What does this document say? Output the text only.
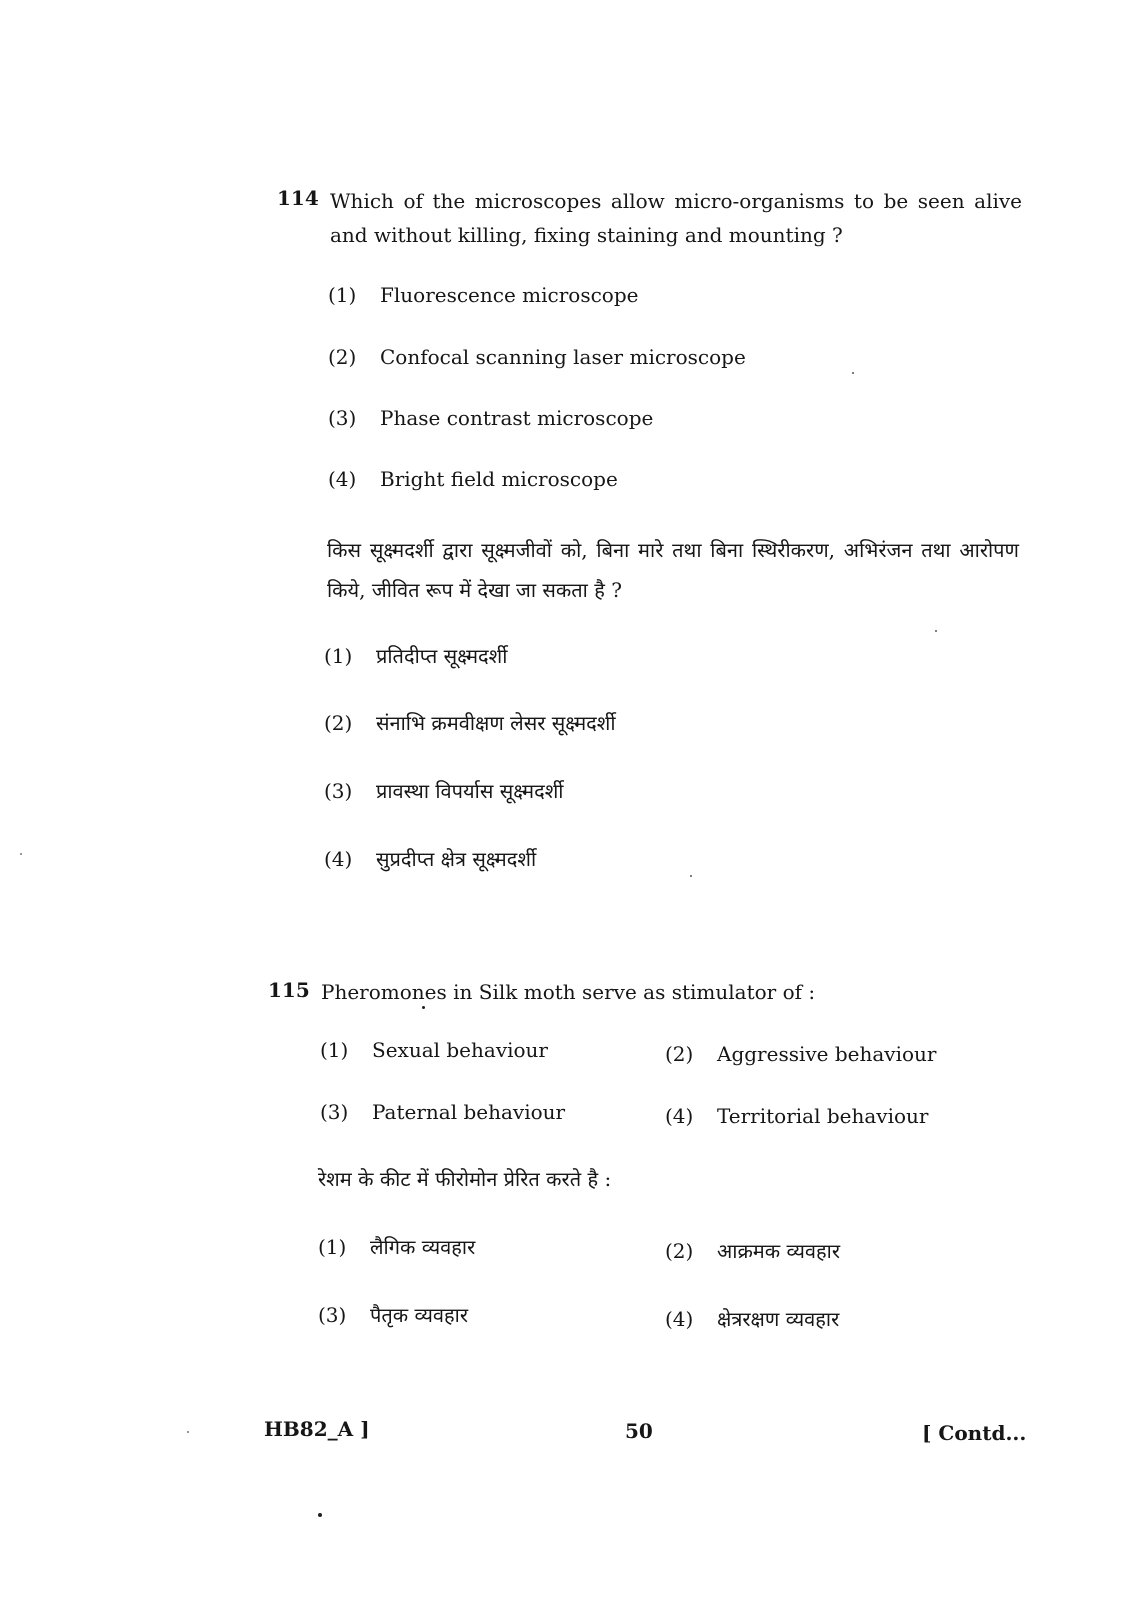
114 Which of the microscopes allow micro-organisms to be seen alive and without killing, fixing staining and mounting ?
(1) Fluorescence microscope
(2) Confocal scanning laser microscope
(3) Phase contrast microscope
(4) Bright field microscope
किस सूक्ष्मदर्शी द्वारा सूक्ष्मजीवों को, बिना मारे तथा बिना स्थिरीकरण, अभिरंजन तथा आरोपण किये, जीवित रूप में देखा जा सकता है ?
(1) प्रतिदीप्त सूक्ष्मदर्शी
(2) संनाभि क्रमवीक्षण लेसर सूक्ष्मदर्शी
(3) प्रावस्था विपर्यास सूक्ष्मदर्शी
(4) सुप्रदीप्त क्षेत्र सूक्ष्मदर्शी
115 Pheromones in Silk moth serve as stimulator of :
(1) Sexual behaviour	(2) Aggressive behaviour
(3) Paternal behaviour	(4) Territorial behaviour
रेशम के कीट में फीरोमोन प्रेरित करते है :
(1) लैगिक व्यवहार	(2) आक्रमक व्यवहार
(3) पैतृक व्यवहार	(4) क्षेत्ररक्षण व्यवहार
HB82_A ]	50	[ Contd...
